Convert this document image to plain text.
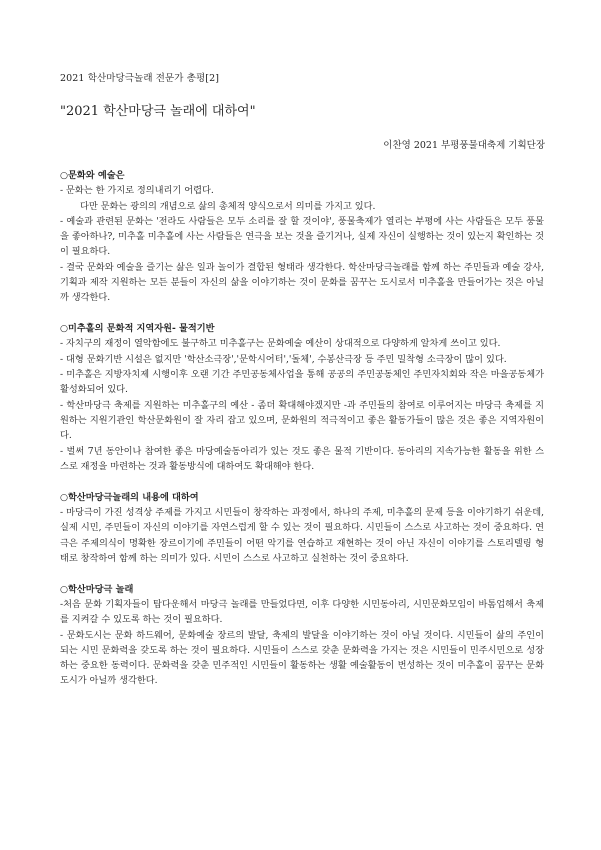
2021 학산마당극놀래 전문가 총평[2]
"2021 학산마당극 놀래에 대하여"
이찬영 2021 부평풍물대축제 기획단장
○문화와 예술은

- 문화는 한 가지로 정의내리기 어렵다.

다만 문화는 광의의 개념으로 삶의 총체적 양식으로서 의미를 가지고 있다.

- 예술과 관련된 문화는 '전라도 사람들은 모두 소리를 잘 할 것이야', 풍물축제가 열리는 부평에 사는 사람들은 모두 풍물을 좋아하나?, 미추홀 미추홀에 사는 사람들은 연극을 보는 것을 즐기거나, 실제 자신이 실행하는 것이 있는지 확인하는 것이 필요하다.

- 결국 문화와 예술을 즐기는 삶은 일과 놀이가 결합된 형태라 생각한다. 학산마당극놀래를 함께 하는 주민들과 예술 강사, 기획과 제작 지원하는 모든 분들이 자신의 삶을 이야기하는 것이 문화를 꿈꾸는 도시로서 미추홀을 만들어가는 것은 아닐까 생각한다.

○미추홀의 문화적 지역자원- 물적기반

- 자치구의 재정이 열악함에도 불구하고 미추홀구는 문화예술 예산이 상대적으로 다양하게 알차게 쓰이고 있다.

- 대형 문화기반 시설은 없지만 '학산소극장','문학시어터','돌체', 수봉산극장 등 주민 밀착형 소극장이 많이 있다.

- 미추홀은 지방자치제 시행이후 오랜 기간 주민공동체사업을 통해 공공의 주민공동체인 주민자치회와 작은 마을공동체가 활성화되어 있다.

- 학산마당극 축제를 지원하는 미추홀구의 예산 - 좀더 확대해야겠지만 -과 주민들의 참여로 이루어지는 마당극 축제를 지원하는 지원기관인 학산문화원이 잘 자리 잡고 있으며, 문화원의 적극적이고 좋은 활동가들이 많은 것은 좋은 지역자원이다.

- 벌써 7년 동안이나 참여한 좋은 마당예술동아리가 있는 것도 좋은 물적 기반이다. 동아리의 지속가능한 활동을 위한 스스로 재정을 마련하는 것과 활동방식에 대하여도 확대해야 한다.

○학산마당극놀래의 내용에 대하여

- 마당극이 가진 성격상 주제를 가지고 시민들이 창작하는 과정에서, 하나의 주제, 미추홀의 문제 등을 이야기하기 쉬운데, 실제 시민, 주민들이 자신의 이야기를 자연스럽게 할 수 있는 것이 필요하다. 시민들이 스스로 사고하는 것이 중요하다. 연극은 주제의식이 명확한 장르이기에 주민들이 어떤 악기를 연습하고 재현하는 것이 아닌 자신이 이야기를 스토리텔링 형태로 창작하여 함께 하는 의미가 있다. 시민이 스스로 사고하고 실천하는 것이 중요하다.

○학산마당극 놀래

-처음 문화 기획자들이 탑다운해서 마당극 놀래를 만들었다면, 이후 다양한 시민동아리, 시민문화모임이 바톰업해서 축제를 지켜갈 수 있도록 하는 것이 필요하다.

- 문화도시는 문화 하드웨어, 문화예술 장르의 발달, 축제의 발달을 이야기하는 것이 아닐 것이다. 시민들이 삶의 주인이 되는 시민 문화력을 갖도록 하는 것이 필요하다. 시민들이 스스로 갖춘 문화력을 가지는 것은 시민들이 민주시민으로 성장하는 중요한 동력이다. 문화력을 갖춘 민주적인 시민들이 활동하는 생활 예술활동이 번성하는 것이 미추홀이 꿈꾸는 문화도시가 아닐까 생각한다.
